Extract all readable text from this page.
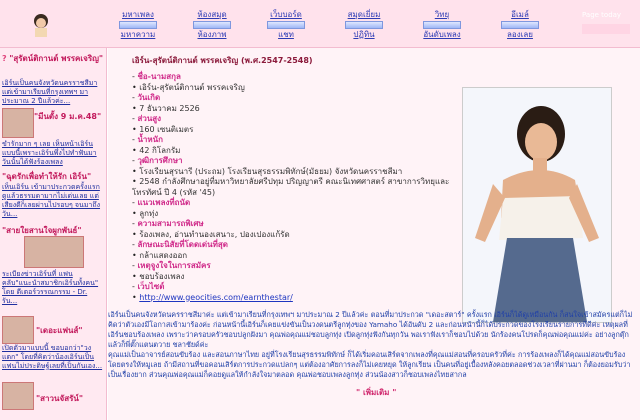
มหาเพลง
มหาความ
ห้องสมุด
ห้องภาพ
เว็บบอร์ด
แชท
สมุดเยี่ยม
ปฏิทิน
วิทยุ
อันดับเพลง
อีเมล์
ลองเลย
Page today
? "สุรัตน์ติกานต์ พรรคเจริญ"
เอิร์นเป็นคนจังหวัดนครราชสีมาแต่เข้ามาเรียนที่กรุงเทพฯ มาประมาณ 2 ปีแล้วค่ะ...
"มีนตั้ง 9 ม.ค.48"
ขำรักมาก ๆ เลย เห็นหน้าเอิร์นแบบนี้เพราะเอิร์นพึ่งไปทำฟันมาวันนั้นได้ฟังร้องเพลง
"ฉุดรักเพื่อทำให้รัก เอิร์น"
เห็นเอิร์น เข้ามาประกวดครั้งแรก ดูแล้วธรรมดามากไม่เด่นเลย แต่เสียงดีก็เลยผ่านไปรอบๆ จนมาถึงวัน...
"สายใยสานใจผูกพันธ์"
ระเบียงข่าวเอิร์นที่ แฟนคลับ"แนะนำสมาชิกเอิร์นทั้งคน" โดย ดีเตอร์วรรณกรรม - Dr. รัน...
"เดอะแฟนส์"
เปิดตัวมาแบบนี้ ขอบอกว่า"วงแตก" โดยที่คิดว่าน้องเอิร์นเป็นแฟนไม่ประดิษฐ์เลยที่เป็นกันเอง...
"สาวนจัสรัน์"
เอิร์น-สุรัตน์ติกานต์ พรรคเจริญ (พ.ศ.2547-2548)
- ชื่อ-นามสกุล
• เอิร์น-สุรัตน์ติกานต์ พรรคเจริญ
- วันเกิด
• 7 ธันวาคม 2526
- ส่วนสูง
• 160 เซนติเมตร
- น้ำหนัก
• 42 กิโลกรัม
- วุฒิการศึกษา
• โรงเรียนสุรนารี (ประถม) โรงเรียนสุรธรรมพิทักษ์(มัธยม) จังหวัดนครราชสีมา
• 2548 กำลังศึกษาอยู่ที่มหาวิทยาลัยศรีปทุม ปริญญาตรี คณะนิเทศศาสตร์ สาขาการวิทยุและโทรทัศน์ ปี 4 (รหัส '45)
- แนวเพลงที่ถนัด
• ลูกทุ่ง
- ความสามารถพิเศษ
• ร้องเพลง, อ่านทำนองเสนาะ, ปองเปองแก้รัด
- ลักษณะนิสัยที่โดดเด่นที่สุด
• กล้าแสดงออก
- เหตุจูงใจในการสมัคร
• ชอบร้องเพลง
- เว็บไซต์
• http://www.geocities.com/earnthestar/
เอิร์นเป็นคนจังหวัดนครราชสีมาค่ะ แต่เข้ามาเรียนที่กรุงเทพฯ มาประมาณ 2 ปีแล้วค่ะ ตอนที่มาประกวด "เดอะสตาร์" ครั้งแรก เอิร์นก็ได้ดูเหมือนกัน ก็สนใจเข้าสมัครแต่ก็ไม่คิดว่าตัวเองมีโอกาสเข้ามาร้องค่ะ ก่อนหน้านี้เอิร์นก็เคยแข่งขันเป็นวงดนตรีลูกทุ่งของ Yamaho ได้อันดับ 2 และก่อนหน้านี้ก็ได้ประกวดของโรงเรียนรายการที่ดีค่ะ เหตุผลที่เอิร์นชอบร้องเพลง เพราะว่าครอบครัวชอบปลูกฝังมา คุณพ่อคุณแม่ชอบลูกทุ่ง เปิดลูกทุ่งฟังกันทุกวัน พอเราฟังเราก็ชอบไปด้วย นักร้องคนโปรดก็คุณพ่อคุณแม่ค่ะ อย่างลูกตุ๊ก แล้วก็พี่ตั๊กแตนตวาย ชลาชัยด์ค่ะ
คุณแม่เป็นอาจารย์สอนขับร้อง และสอนภาษาไทย อยู่ที่โรงเรียนสุรธรรมพิทักษ์ ก็ได้เริ่มคอนเสิร์ตจากเพลงที่คุณแม่สอนที่ครอบครัวที่ค่ะ การร้องเพลงก็ได้คุณแม่สอนขับร้องโดยตรงให้หมูเลย ถ้ามีสถานที่ขอคอนเสิร์ตการประกวดแปลกๆ แต่ต้องอาศัยการลงก็ไม่เคยหยุด ให้ลูกเรียน เป็นคนที่อยู่เบื้องหลังคอยตลอดช่วงเวลาที่ผ่านมา ก็ต้องยอมรับว่าเป็นเรื่องยาก ส่วนคุณพ่อคุณแม่ก็คอยดูแลให้กำลังใจมาตลอด คุณพ่อชอบเพลงลูกทุ่ง ส่วนน้องสาวก็ชอบเพลงไทยสากล
" เพิ่มเติม "
